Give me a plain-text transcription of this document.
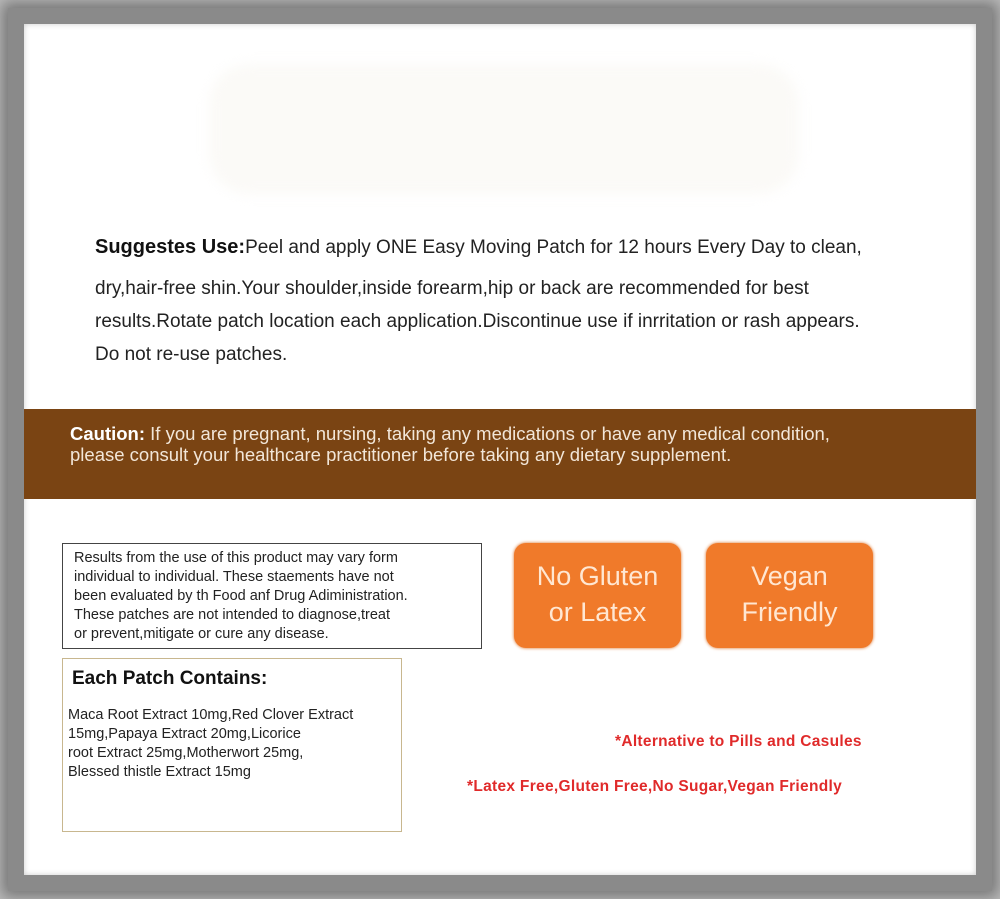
Suggestes Use:Peel and apply ONE Easy Moving Patch for 12 hours Every Day to clean,
dry,hair-free shin.Your shoulder,inside forearm,hip or back are recommended for best
results.Rotate patch location each application.Discontinue use if inrritation or rash appears.
Do not re-use patches.
Caution: If you are pregnant, nursing, taking any medications or have any medical condition,
please consult your healthcare practitioner before taking any dietary supplement.
Results from the use of this product may vary form
individual to individual. These staements have not
been evaluated by th Food anf Drug Adiministration.
These patches are not intended to diagnose,treat
or prevent,mitigate or cure any disease.
No Gluten
or Latex
Vegan
Friendly
Each Patch Contains:
Maca Root Extract 10mg,Red Clover Extract
15mg,Papaya Extract 20mg,Licorice
root Extract 25mg,Motherwort 25mg,
Blessed thistle Extract 15mg
*Alternative to Pills and Casules
*Latex Free,Gluten Free,No Sugar,Vegan Friendly
